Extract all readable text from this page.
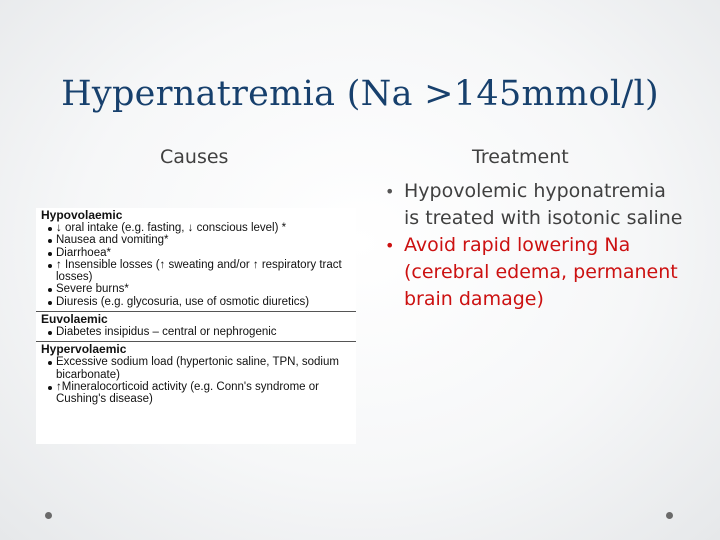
Hypernatremia (Na >145mmol/l)
Causes	Treatment
Hypovolaemic
↓ oral intake (e.g. fasting, ↓ conscious level) *
Nausea and vomiting*
Diarrhoea*
↑ Insensible losses (↑ sweating and/or ↑ respiratory tract losses)
Severe burns*
Diuresis (e.g. glycosuria, use of osmotic diuretics)
Euvolaemic
Diabetes insipidus – central or nephrogenic
Hypervolaemic
Excessive sodium load (hypertonic saline, TPN, sodium bicarbonate)
↑Mineralocorticoid activity (e.g. Conn's syndrome or Cushing's disease)
• Hypovolemic hyponatremia is treated with isotonic saline
• Avoid rapid lowering Na (cerebral edema, permanent brain damage)
